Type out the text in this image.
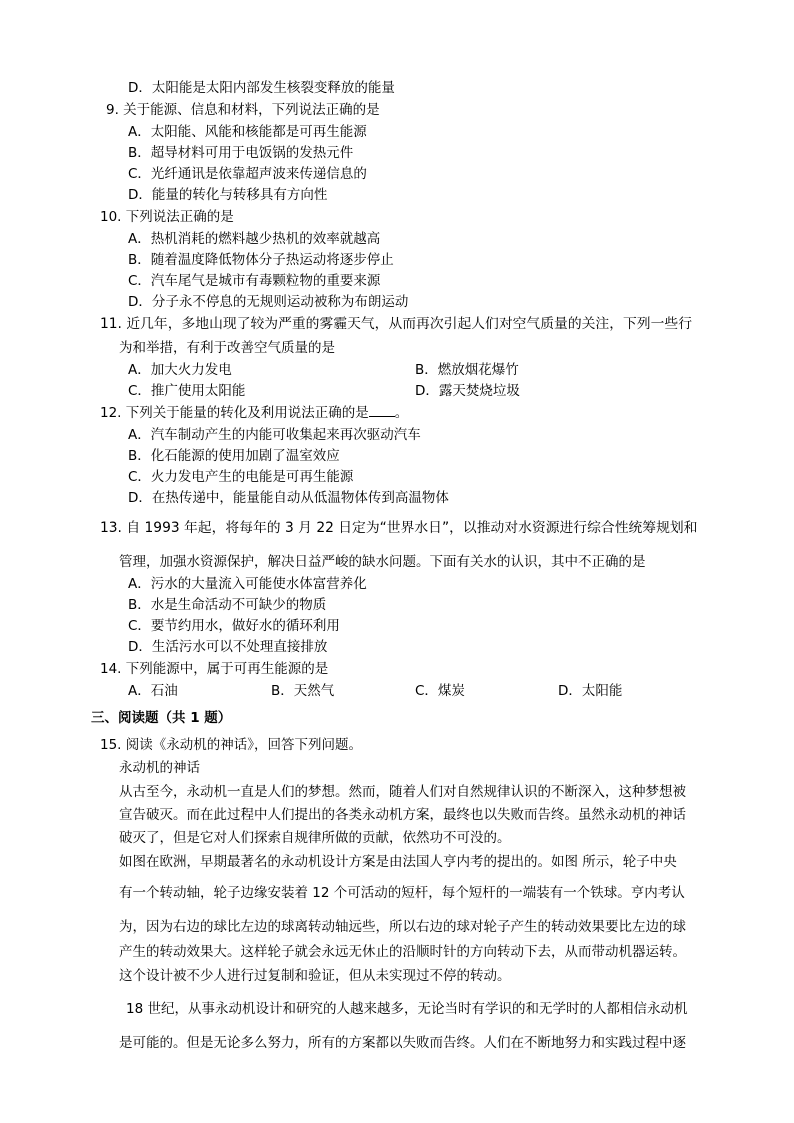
D．太阳能是太阳内部发生核裂变释放的能量
9. 关于能源、信息和材料，下列说法正确的是
A．太阳能、风能和核能都是可再生能源
B．超导材料可用于电饭锅的发热元件
C．光纤通讯是依靠超声波来传递信息的
D．能量的转化与转移具有方向性
10. 下列说法正确的是
A．热机消耗的燃料越少热机的效率就越高
B．随着温度降低物体分子热运动将逐步停止
C．汽车尾气是城市有毒颗粒物的重要来源
D．分子永不停息的无规则运动被称为布朗运动
11. 近几年，多地山现了较为严重的雾霾天气，从而再次引起人们对空气质量的关注，下列一些行
为和举措，有利于改善空气质量的是
A．加大火力发电	B．燃放烟花爆竹
C．推广使用太阳能	D．露天焚烧垃圾
12. 下列关于能量的转化及利用说法正确的是 。
A．汽车制动产生的内能可收集起来再次驱动汽车
B．化石能源的使用加剧了温室效应
C．火力发电产生的电能是可再生能源
D．在热传递中，能量能自动从低温物体传到高温物体
13. 自 1993 年起，将每年的 3 月 22 日定为“世界水日”，以推动对水资源进行综合性统筹规划和
管理，加强水资源保护，解决日益严峻的缺水问题。下面有关水的认识，其中不正确的是
A．污水的大量流入可能使水体富营养化
B．水是生命活动不可缺少的物质
C．要节约用水，做好水的循环利用
D．生活污水可以不处理直接排放
14. 下列能源中，属于可再生能源的是
A．石油	B．天然气	C．煤炭	D．太阳能
三、阅读题（共 1 题）
15. 阅读《永动机的神话》，回答下列问题。
永动机的神话
从古至今，永动机一直是人们的梦想。然而，随着人们对自然规律认识的不断深入，这种梦想被
宣告破灭。而在此过程中人们提出的各类永动机方案，最终也以失败而告终。虽然永动机的神话
破灭了，但是它对人们探索自规律所做的贡献，依然功不可没的。
如图在欧洲，早期最著名的永动机设计方案是由法国人亨内考的提出的。如图 所示，轮子中央
有一个转动轴，轮子边缘安装着 12 个可活动的短杆，每个短杆的一端装有一个铁球。亨内考认
为，因为右边的球比左边的球离转动轴远些，所以右边的球对轮子产生的转动效果要比左边的球
产生的转动效果大。这样轮子就会永远无休止的沿顺时针的方向转动下去，从而带动机器运转。
这个设计被不少人进行过复制和验证，但从未实现过不停的转动。
18 世纪，从事永动机设计和研究的人越来越多，无论当时有学识的和无学时的人都相信永动机
是可能的。但是无论多么努力，所有的方案都以失败而告终。人们在不断地努力和实践过程中逐
